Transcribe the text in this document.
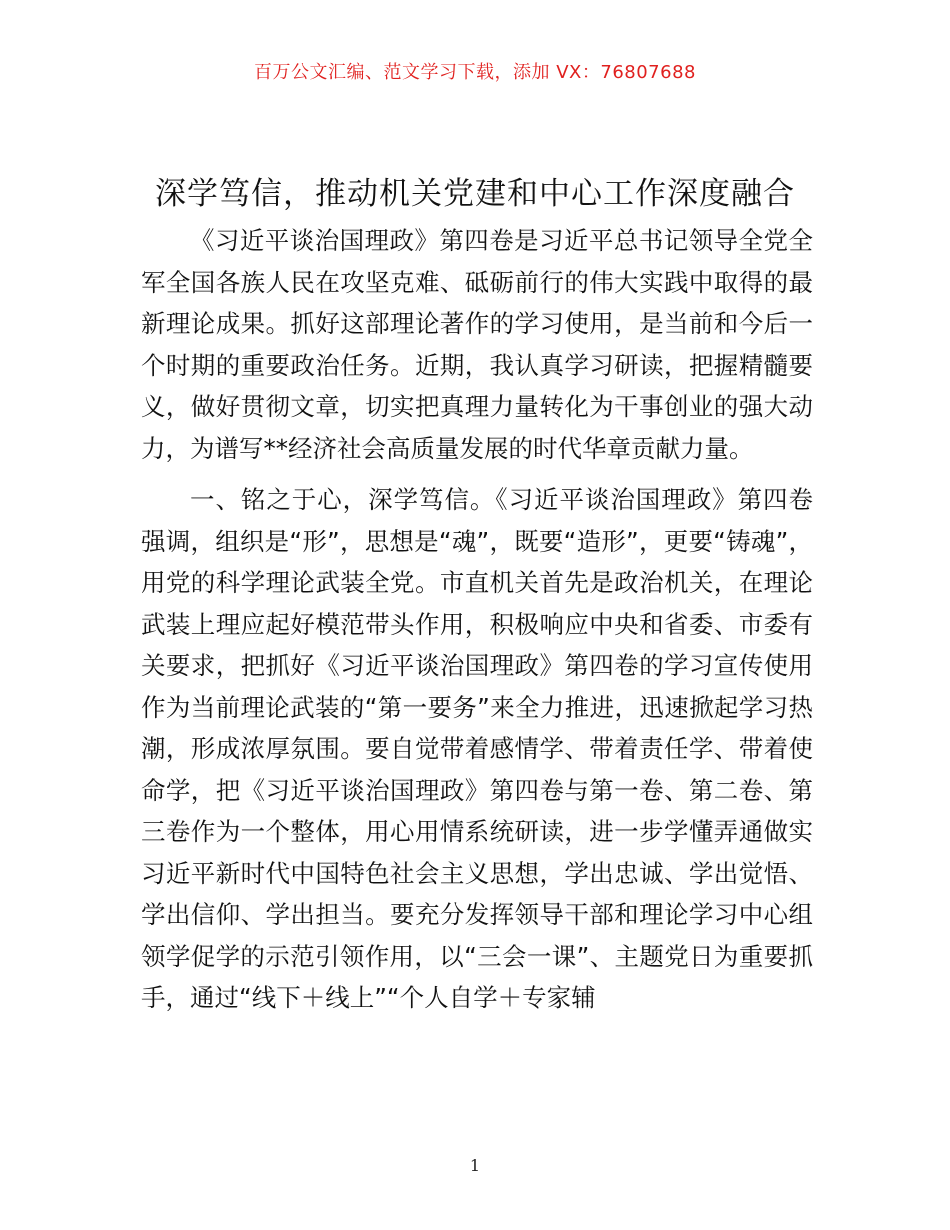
百万公文汇编、范文学习下载，添加 VX：76807688
深学笃信，推动机关党建和中心工作深度融合

《习近平谈治国理政》第四卷是习近平总书记领导全党全军全国各族人民在攻坚克难、砥砺前行的伟大实践中取得的最新理论成果。抓好这部理论著作的学习使用，是当前和今后一个时期的重要政治任务。近期，我认真学习研读，把握精髓要义，做好贯彻文章，切实把真理力量转化为干事创业的强大动力，为谱写**经济社会高质量发展的时代华章贡献力量。

一、铭之于心，深学笃信。《习近平谈治国理政》第四卷强调，组织是“形”，思想是“魂”，既要“造形”，更要“铸魂”，用党的科学理论武装全党。市直机关首先是政治机关，在理论武装上理应起好模范带头作用，积极响应中央和省委、市委有关要求，把抓好《习近平谈治国理政》第四卷的学习宣传使用作为当前理论武装的“第一要务”来全力推进，迅速掀起学习热潮，形成浓厚氛围。要自觉带着感情学、带着责任学、带着使命学，把《习近平谈治国理政》第四卷与第一卷、第二卷、第三卷作为一个整体，用心用情系统研读，进一步学懂弄通做实习近平新时代中国特色社会主义思想，学出忠诚、学出觉悟、学出信仰、学出担当。要充分发挥领导干部和理论学习中心组领学促学的示范引领作用，以“三会一课”、主题党日为重要抓手，通过“线下＋线上”“个人自学＋专家辅

1
